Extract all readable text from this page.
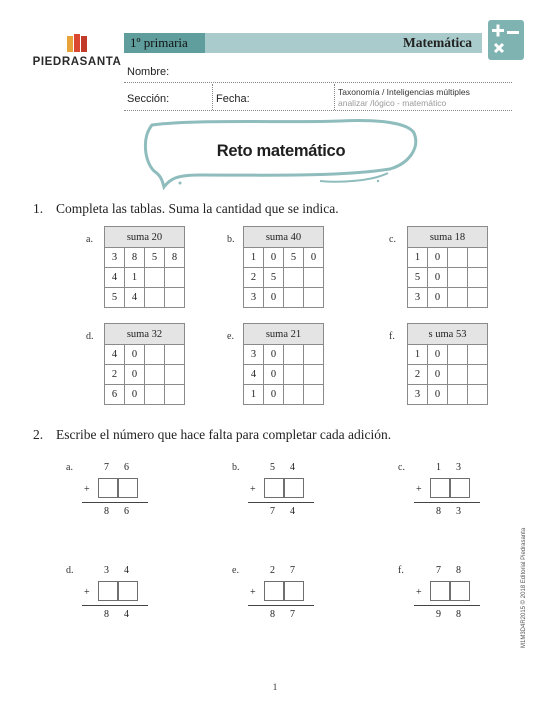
PIEDRASANTA
1º primaria	Matemática
Nombre:
Sección:	Fecha:
Taxonomía / Inteligencias múltiples
analizar /lógico - matemático
Reto matemático
1. Completa las tablas. Suma la cantidad que se indica.
a.	suma 20			
3	8	5	8
4	1		
5	4		
b.	suma 40			
1	0	5	0
2	5		
3	0		
c.	suma 18			
1	0		
5	0		
3	0		
d.	suma 32			
4	0		
2	0		
6	0		
e.	suma 21			
3	0		
4	0		
1	0		
f.	s uma 53			
1	0		
2	0		
3	0		
2. Escribe el número que hace falta para completar cada adición.
a.	7 6
+
8 6
b.	5 4
+
7 4
c.	1 3
+
8 3
d.	3 4
+
8 4
e.	2 7
+
8 7
f.	7 8
+
9 8
1
M1M3D4R2015 © 2018 Editorial Piedrasanta
